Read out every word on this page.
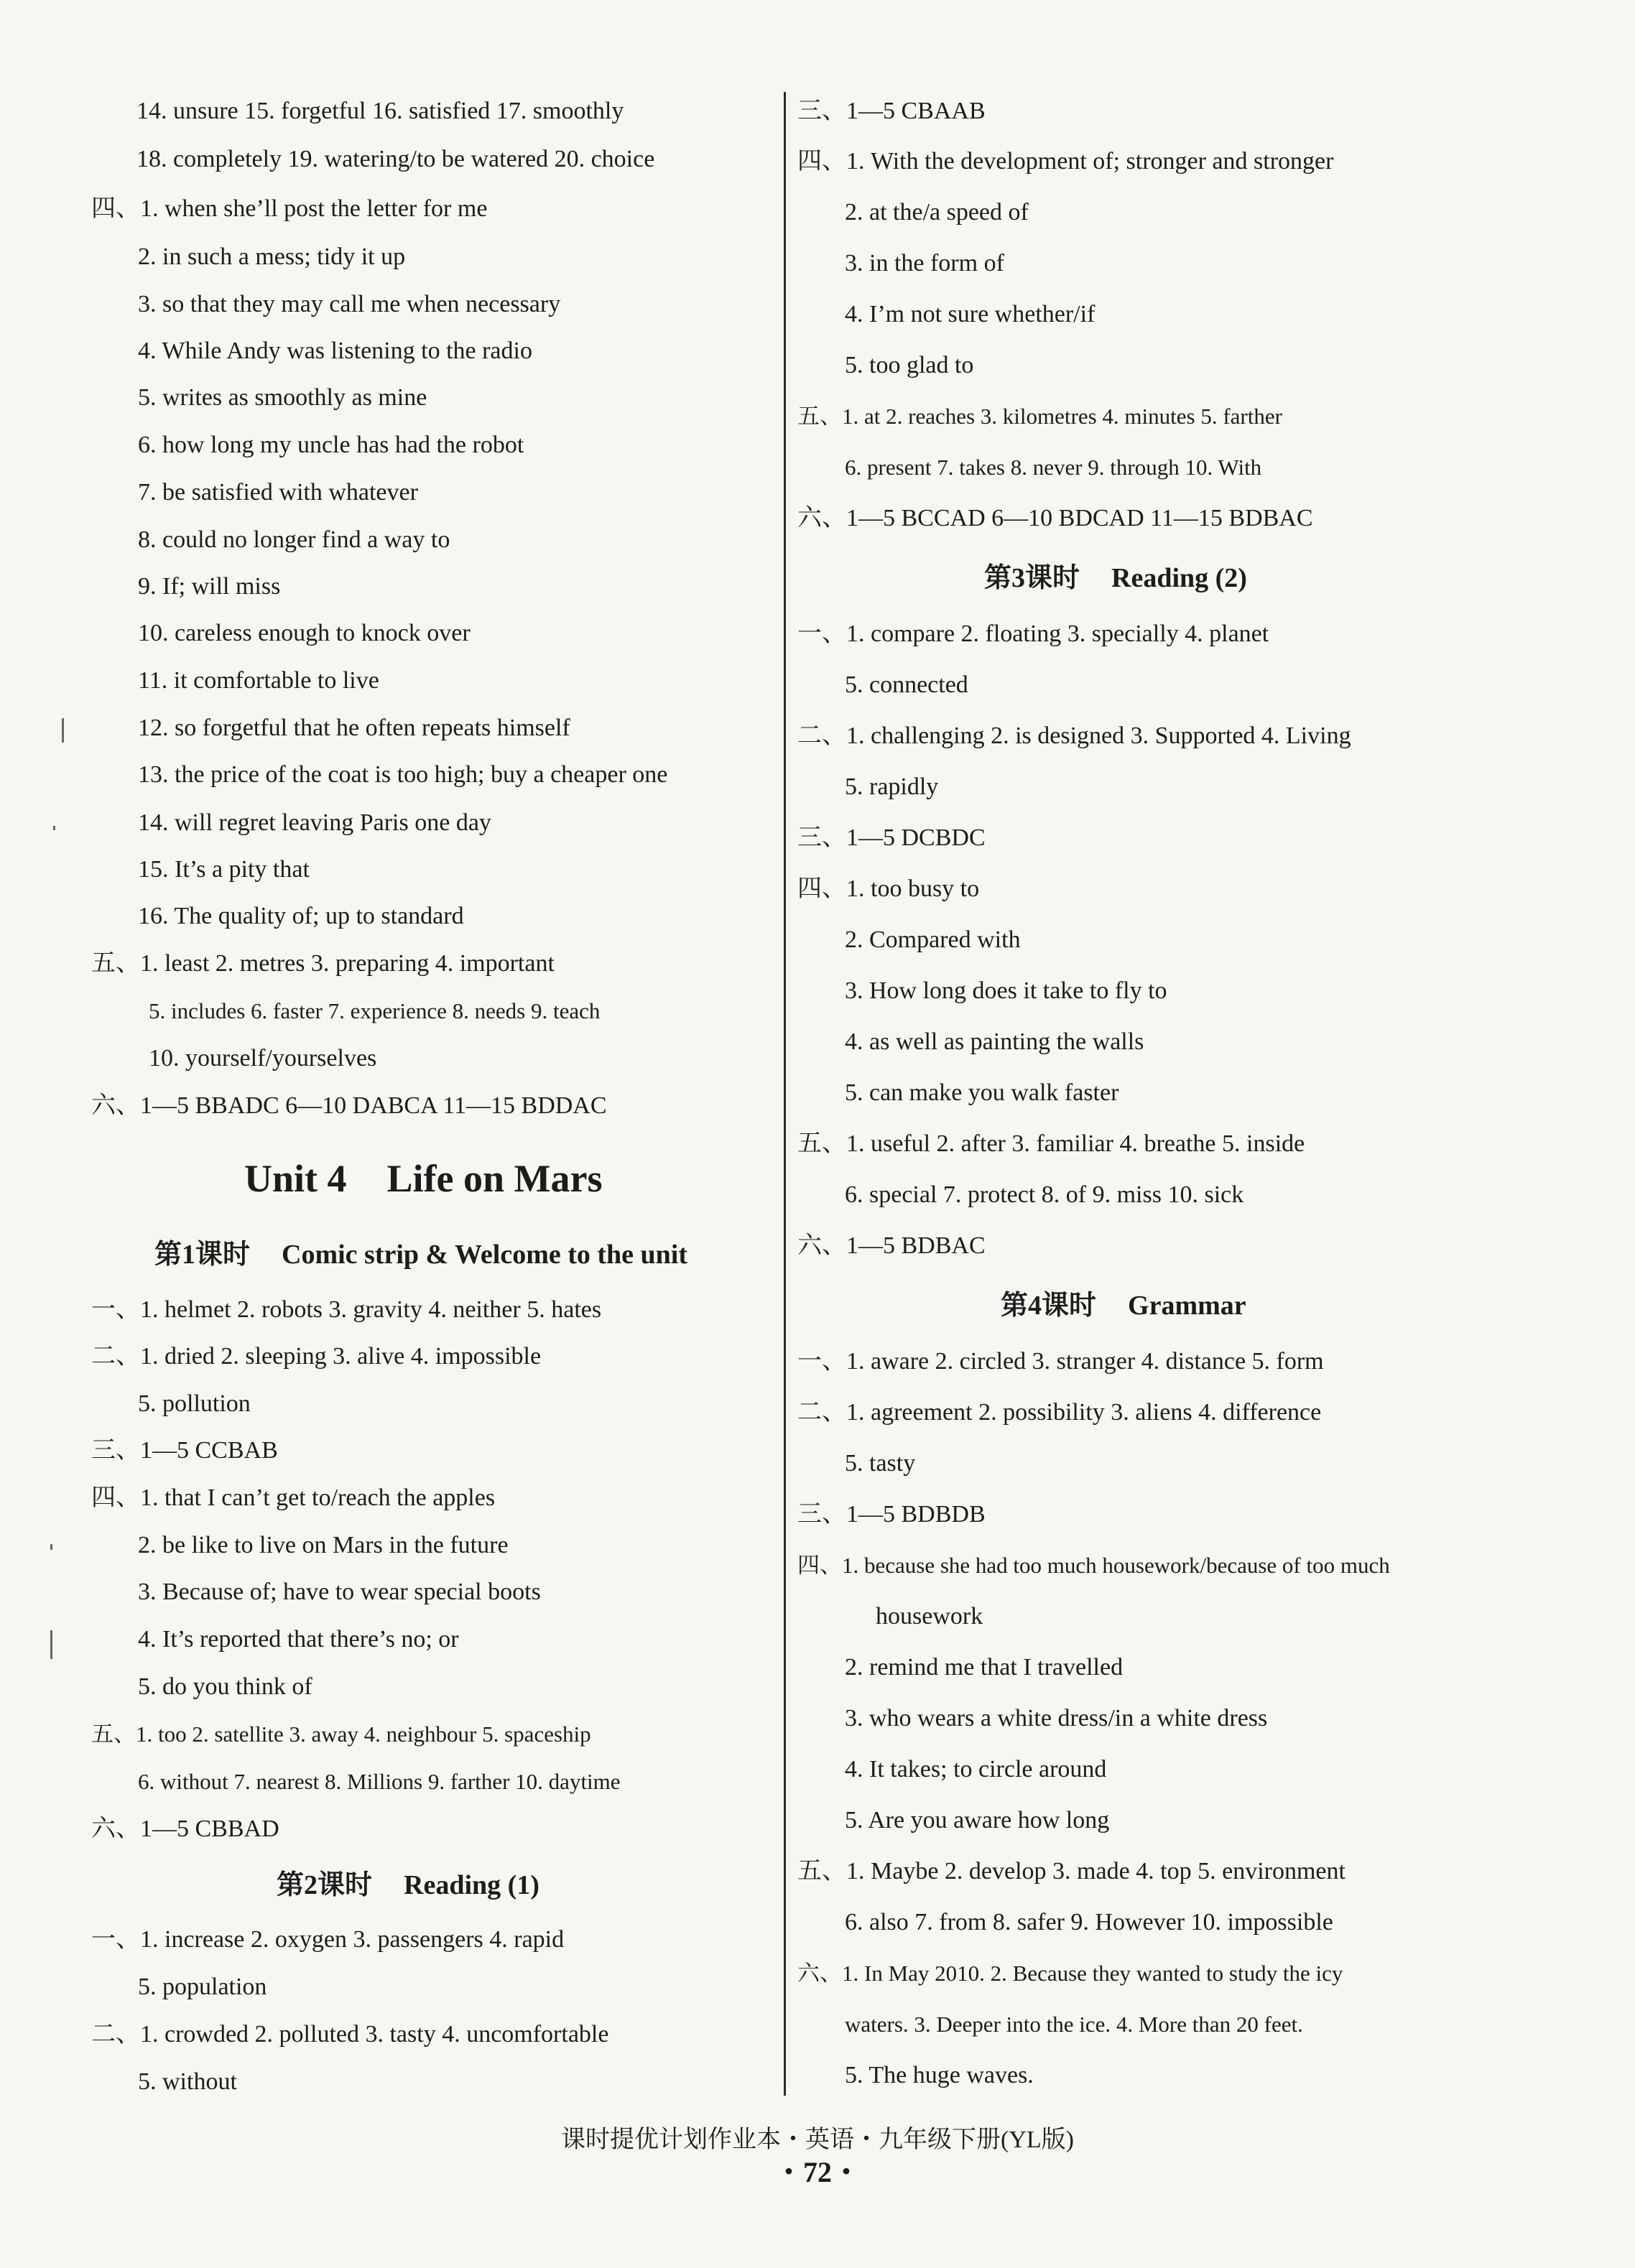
14. unsure 15. forgetful 16. satisfied 17. smoothly
18. completely 19. watering/to be watered 20. choice
四、1. when she’ll post the letter for me
2. in such a mess; tidy it up
3. so that they may call me when necessary
4. While Andy was listening to the radio
5. writes as smoothly as mine
6. how long my uncle has had the robot
7. be satisfied with whatever
8. could no longer find a way to
9. If; will miss
10. careless enough to knock over
11. it comfortable to live
12. so forgetful that he often repeats himself
13. the price of the coat is too high; buy a cheaper one
14. will regret leaving Paris one day
15. It’s a pity that
16. The quality of; up to standard
五、1. least 2. metres 3. preparing 4. important
5. includes 6. faster 7. experience 8. needs 9. teach
10. yourself/yourselves
六、1—5 BBADC 6—10 DABCA 11—15 BDDAC
Unit 4 Life on Mars
第1课时 Comic strip & Welcome to the unit
一、1. helmet 2. robots 3. gravity 4. neither 5. hates
二、1. dried 2. sleeping 3. alive 4. impossible
5. pollution
三、1—5 CCBAB
四、1. that I can’t get to/reach the apples
2. be like to live on Mars in the future
3. Because of; have to wear special boots
4. It’s reported that there’s no; or
5. do you think of
五、1. too 2. satellite 3. away 4. neighbour 5. spaceship
6. without 7. nearest 8. Millions 9. farther 10. daytime
六、1—5 CBBAD
第2课时 Reading (1)
一、1. increase 2. oxygen 3. passengers 4. rapid
5. population
二、1. crowded 2. polluted 3. tasty 4. uncomfortable
5. without
三、1—5 CBAAB
四、1. With the development of; stronger and stronger
2. at the/a speed of
3. in the form of
4. I’m not sure whether/if
5. too glad to
五、1. at 2. reaches 3. kilometres 4. minutes 5. farther
6. present 7. takes 8. never 9. through 10. With
六、1—5 BCCAD 6—10 BDCAD 11—15 BDBAC
第3课时 Reading (2)
一、1. compare 2. floating 3. specially 4. planet
5. connected
二、1. challenging 2. is designed 3. Supported 4. Living
5. rapidly
三、1—5 DCBDC
四、1. too busy to
2. Compared with
3. How long does it take to fly to
4. as well as painting the walls
5. can make you walk faster
五、1. useful 2. after 3. familiar 4. breathe 5. inside
6. special 7. protect 8. of 9. miss 10. sick
六、1—5 BDBAC
第4课时 Grammar
一、1. aware 2. circled 3. stranger 4. distance 5. form
二、1. agreement 2. possibility 3. aliens 4. difference
5. tasty
三、1—5 BDBDB
四、1. because she had too much housework/because of too much
housework
2. remind me that I travelled
3. who wears a white dress/in a white dress
4. It takes; to circle around
5. Are you aware how long
五、1. Maybe 2. develop 3. made 4. top 5. environment
6. also 7. from 8. safer 9. However 10. impossible
六、1. In May 2010. 2. Because they wanted to study the icy
waters. 3. Deeper into the ice. 4. More than 20 feet.
5. The huge waves.
课时提优计划作业本・英语・九年级下册(YL版)
・72・
